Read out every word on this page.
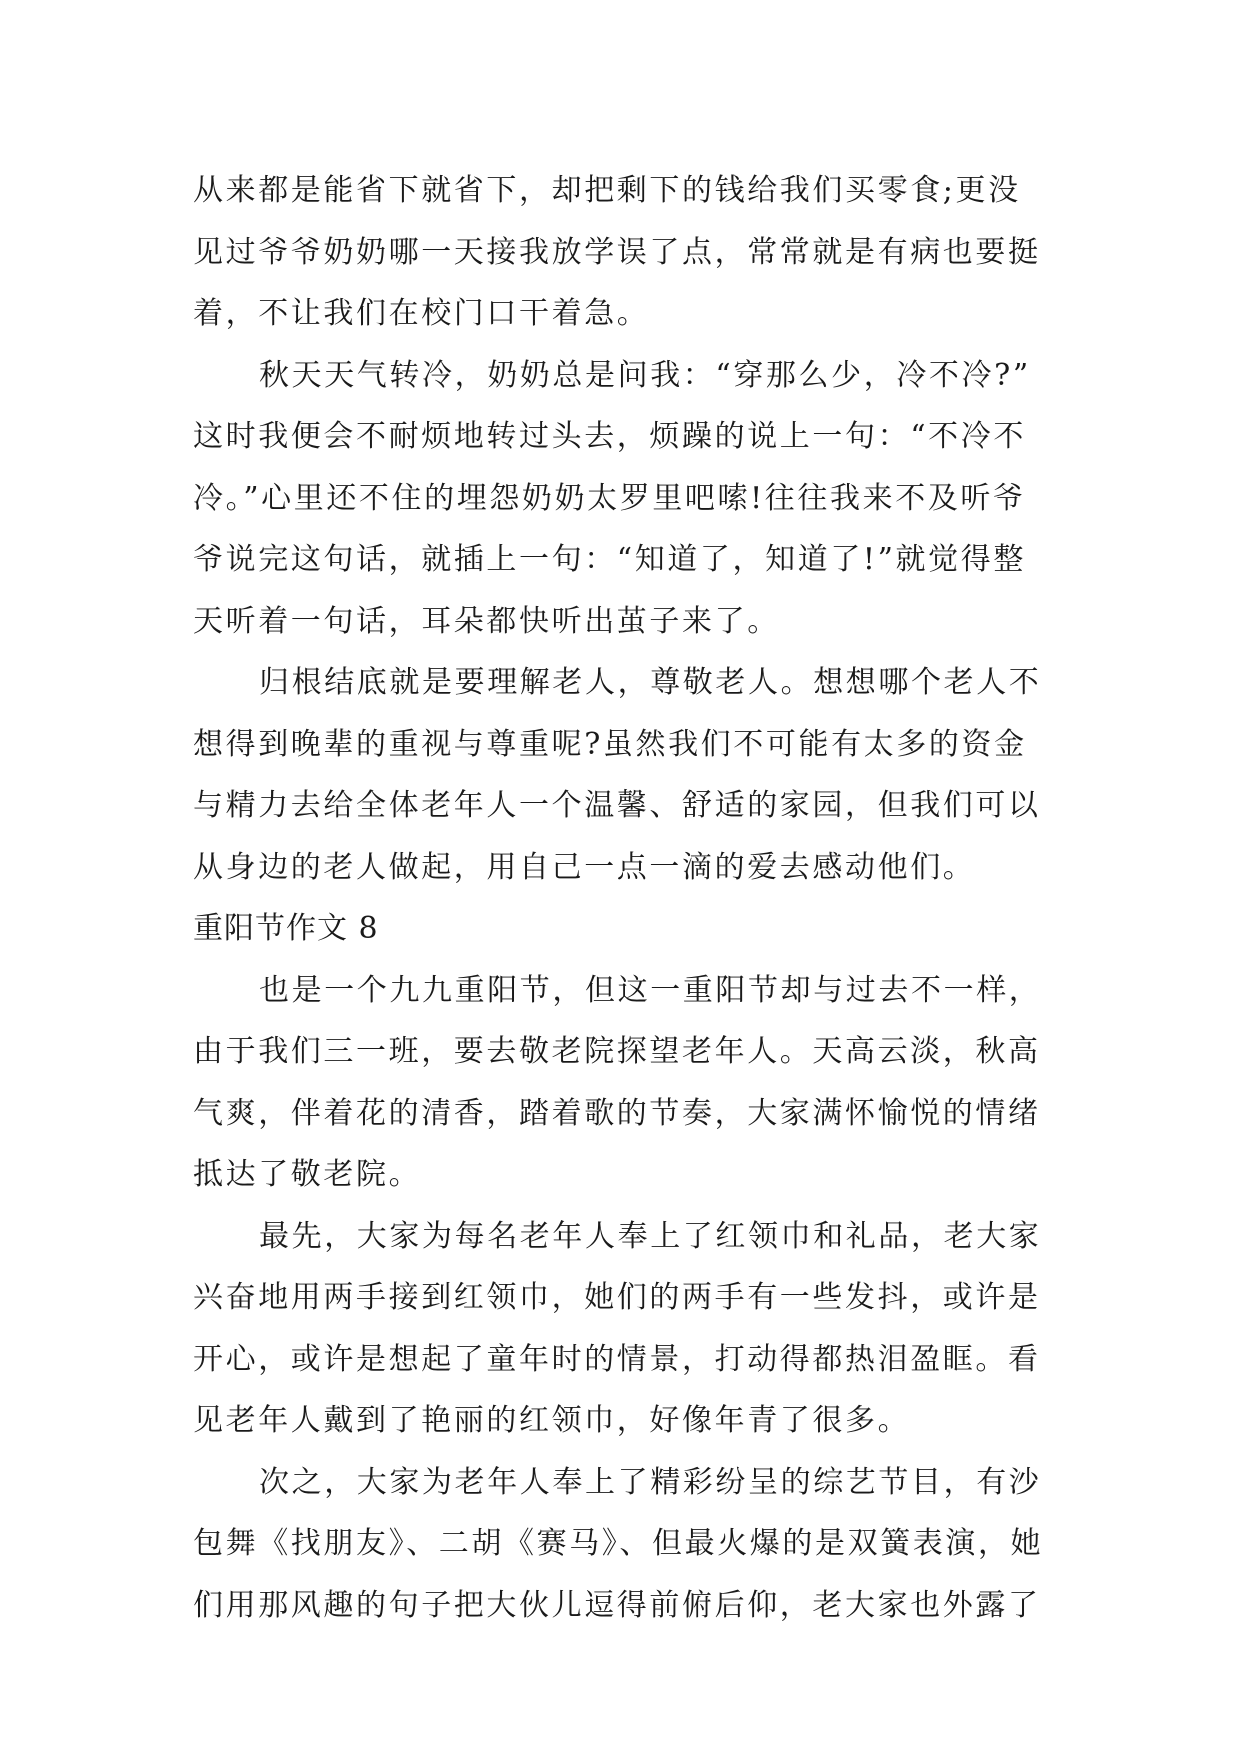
从来都是能省下就省下，却把剩下的钱给我们买零食;更没
见过爷爷奶奶哪一天接我放学误了点，常常就是有病也要挺
着，不让我们在校门口干着急。
秋天天气转冷，奶奶总是问我：“穿那么少，冷不冷?”
这时我便会不耐烦地转过头去，烦躁的说上一句：“不冷不
冷。”心里还不住的埋怨奶奶太罗里吧嗦!往往我来不及听爷
爷说完这句话，就插上一句：“知道了，知道了!”就觉得整
天听着一句话，耳朵都快听出茧子来了。
归根结底就是要理解老人，尊敬老人。想想哪个老人不
想得到晚辈的重视与尊重呢?虽然我们不可能有太多的资金
与精力去给全体老年人一个温馨、舒适的家园，但我们可以
从身边的老人做起，用自己一点一滴的爱去感动他们。
重阳节作文 8
也是一个九九重阳节，但这一重阳节却与过去不一样，
由于我们三一班，要去敬老院探望老年人。天高云淡，秋高
气爽，伴着花的清香，踏着歌的节奏，大家满怀愉悦的情绪
抵达了敬老院。
最先，大家为每名老年人奉上了红领巾和礼品，老大家
兴奋地用两手接到红领巾，她们的两手有一些发抖，或许是
开心，或许是想起了童年时的情景，打动得都热泪盈眶。看
见老年人戴到了艳丽的红领巾，好像年青了很多。
次之，大家为老年人奉上了精彩纷呈的综艺节目，有沙
包舞《找朋友》、二胡《赛马》、但最火爆的是双簧表演，她
们用那风趣的句子把大伙儿逗得前俯后仰，老大家也外露了
